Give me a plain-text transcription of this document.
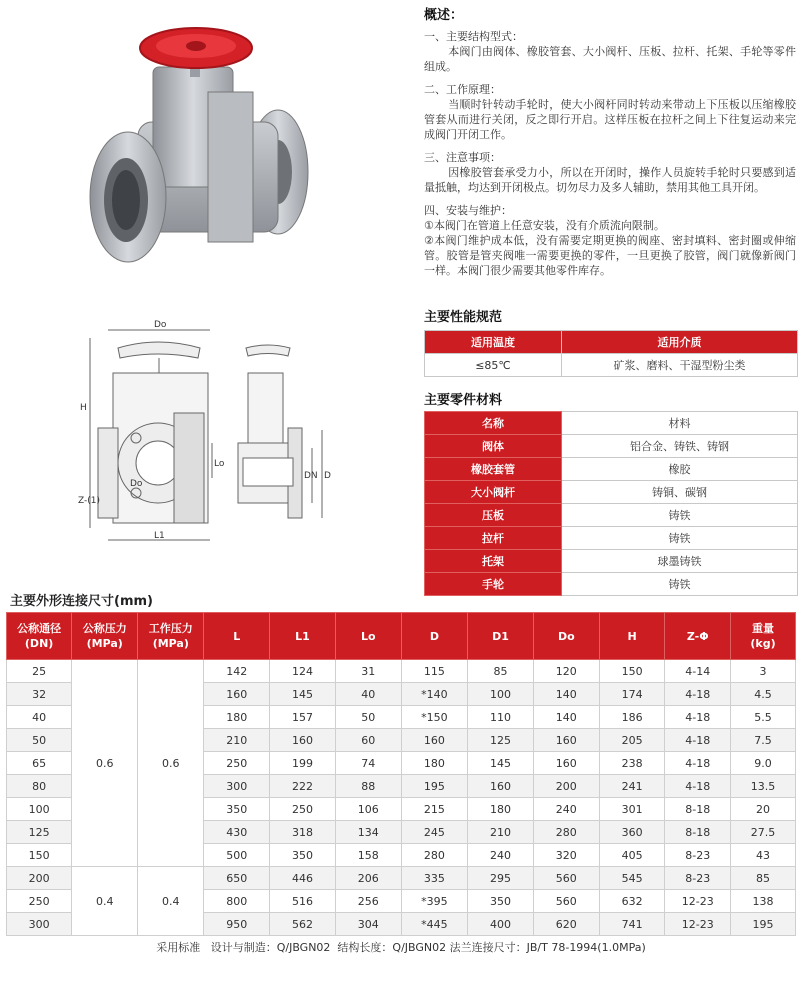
概述：
一、主要结构型式：
本阀门由阀体、橡胶管套、大小阀杆、压板、拉杆、托架、手轮等零件组成。
二、工作原理：
当顺时针转动手轮时，使大小阀杆同时转动来带动上下压板以压缩橡胶管套从而进行关闭，反之即行开启。这样压板在拉杆之间上下往复运动来完成阀门开闭工作。
三、注意事项：
因橡胶管套承受力小，所以在开闭时，操作人员旋转手轮时只要感到适量抵触，均达到开闭极点。切勿尽力及多人辅助，禁用其他工具开闭。
四、安装与维护：
①本阀门在管道上任意安装，没有介质流向限制。
②本阀门维护成本低，没有需要定期更换的阀座、密封填料、密封圈或伸缩管。胶管是管夹阀唯一需要更换的零件，一旦更换了胶管，阀门就像新阀门一样。本阀门很少需要其他零件库存。
主要性能规范
适用温度	适用介质
≤85℃	矿浆、磨料、干湿型粉尘类
主要零件材料
名称	材料
阀体	铝合金、铸铁、铸钢
橡胶套管	橡胶
大小阀杆	铸铜、碳钢
压板	铸铁
拉杆	铸铁
托架	球墨铸铁
手轮	铸铁
Do
H
Z-(1)
L1
Lo
Do
DN D
主要外形连接尺寸(mm)
公称通径
(DN)	公称压力
(MPa)	工作压力
(MPa)	L	L1	Lo	D	D1	Do	H	Z-Φ	重量
(kg)
25	0.6	0.6	142	124	31	115	85	120	150	4-14	3
32			160	145	40	*140	100	140	174	4-18	4.5
40			180	157	50	*150	110	140	186	4-18	5.5
50			210	160	60	160	125	160	205	4-18	7.5
65			250	199	74	180	145	160	238	4-18	9.0
80			300	222	88	195	160	200	241	4-18	13.5
100			350	250	106	215	180	240	301	8-18	20
125			430	318	134	245	210	280	360	8-18	27.5
150			500	350	158	280	240	320	405	8-23	43
200	0.4	0.4	650	446	206	335	295	560	545	8-23	85
250			800	516	256	*395	350	560	632	12-23	138
300			950	562	304	*445	400	620	741	12-23	195
采用标准   设计与制造：Q/JBGN02  结构长度：Q/JBGN02 法兰连接尺寸：JB/T 78-1994(1.0MPa)											
